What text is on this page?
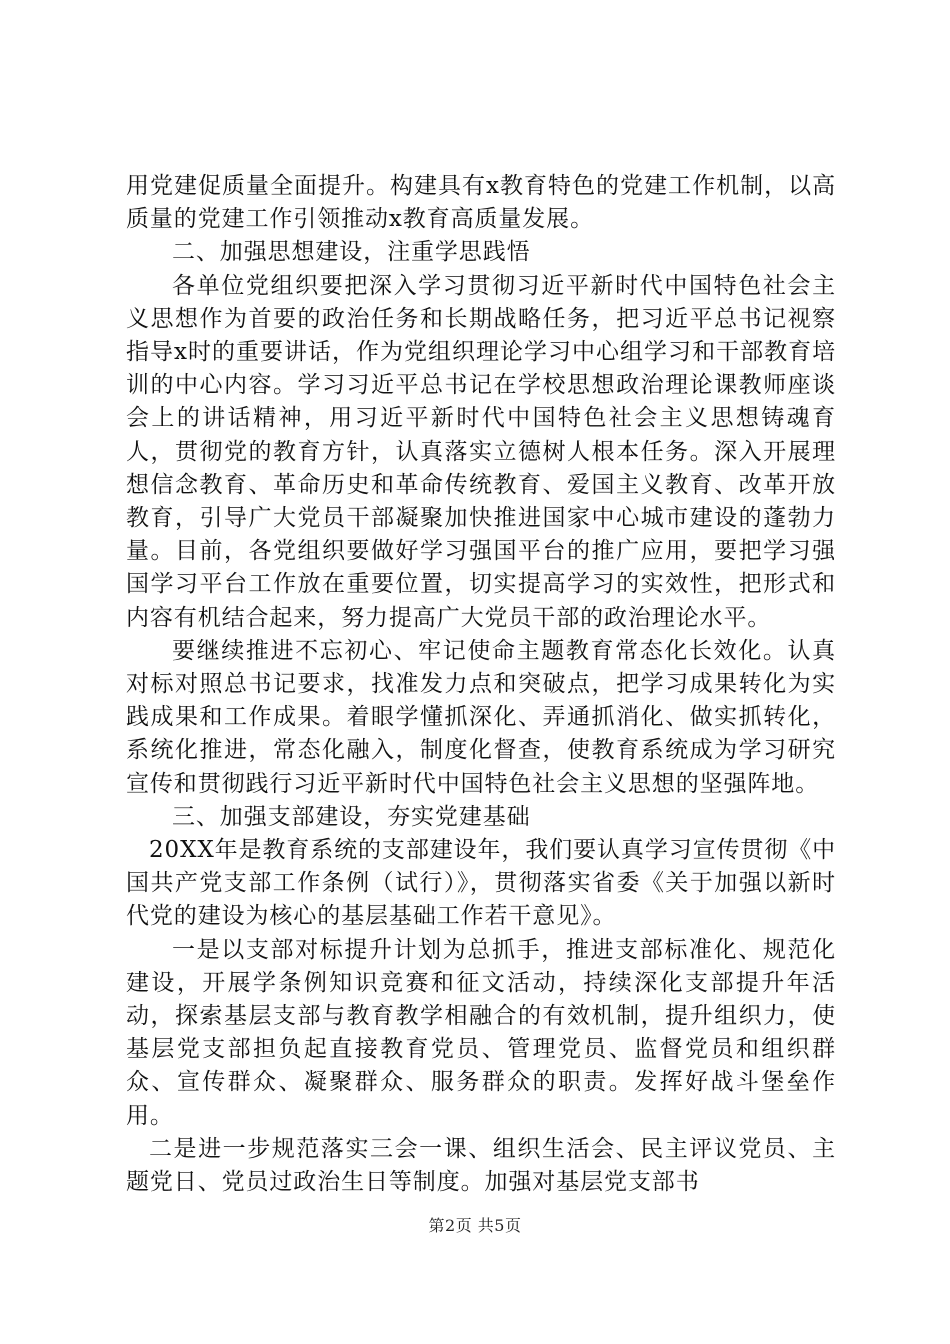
用党建促质量全面提升。构建具有x教育特色的党建工作机制，以高质量的党建工作引领推动x教育高质量发展。

二、加强思想建设，注重学思践悟

各单位党组织要把深入学习贯彻习近平新时代中国特色社会主义思想作为首要的政治任务和长期战略任务，把习近平总书记视察指导x时的重要讲话，作为党组织理论学习中心组学习和干部教育培训的中心内容。学习习近平总书记在学校思想政治理论课教师座谈会上的讲话精神，用习近平新时代中国特色社会主义思想铸魂育人，贯彻党的教育方针，认真落实立德树人根本任务。深入开展理想信念教育、革命历史和革命传统教育、爱国主义教育、改革开放教育，引导广大党员干部凝聚加快推进国家中心城市建设的蓬勃力量。目前，各党组织要做好学习强国平台的推广应用，要把学习强国学习平台工作放在重要位置，切实提高学习的实效性，把形式和内容有机结合起来，努力提高广大党员干部的政治理论水平。

要继续推进不忘初心、牢记使命主题教育常态化长效化。认真对标对照总书记要求，找准发力点和突破点，把学习成果转化为实践成果和工作成果。着眼学懂抓深化、弄通抓消化、做实抓转化，系统化推进，常态化融入，制度化督查，使教育系统成为学习研究宣传和贯彻践行习近平新时代中国特色社会主义思想的坚强阵地。

三、加强支部建设，夯实党建基础

20XX年是教育系统的支部建设年，我们要认真学习宣传贯彻《中国共产党支部工作条例（试行）》，贯彻落实省委《关于加强以新时代党的建设为核心的基层基础工作若干意见》。

一是以支部对标提升计划为总抓手，推进支部标准化、规范化建设，开展学条例知识竞赛和征文活动，持续深化支部提升年活动，探索基层支部与教育教学相融合的有效机制，提升组织力，使基层党支部担负起直接教育党员、管理党员、监督党员和组织群众、宣传群众、凝聚群众、服务群众的职责。发挥好战斗堡垒作用。

二是进一步规范落实三会一课、组织生活会、民主评议党员、主题党日、党员过政治生日等制度。加强对基层党支部书

第2页 共5页
